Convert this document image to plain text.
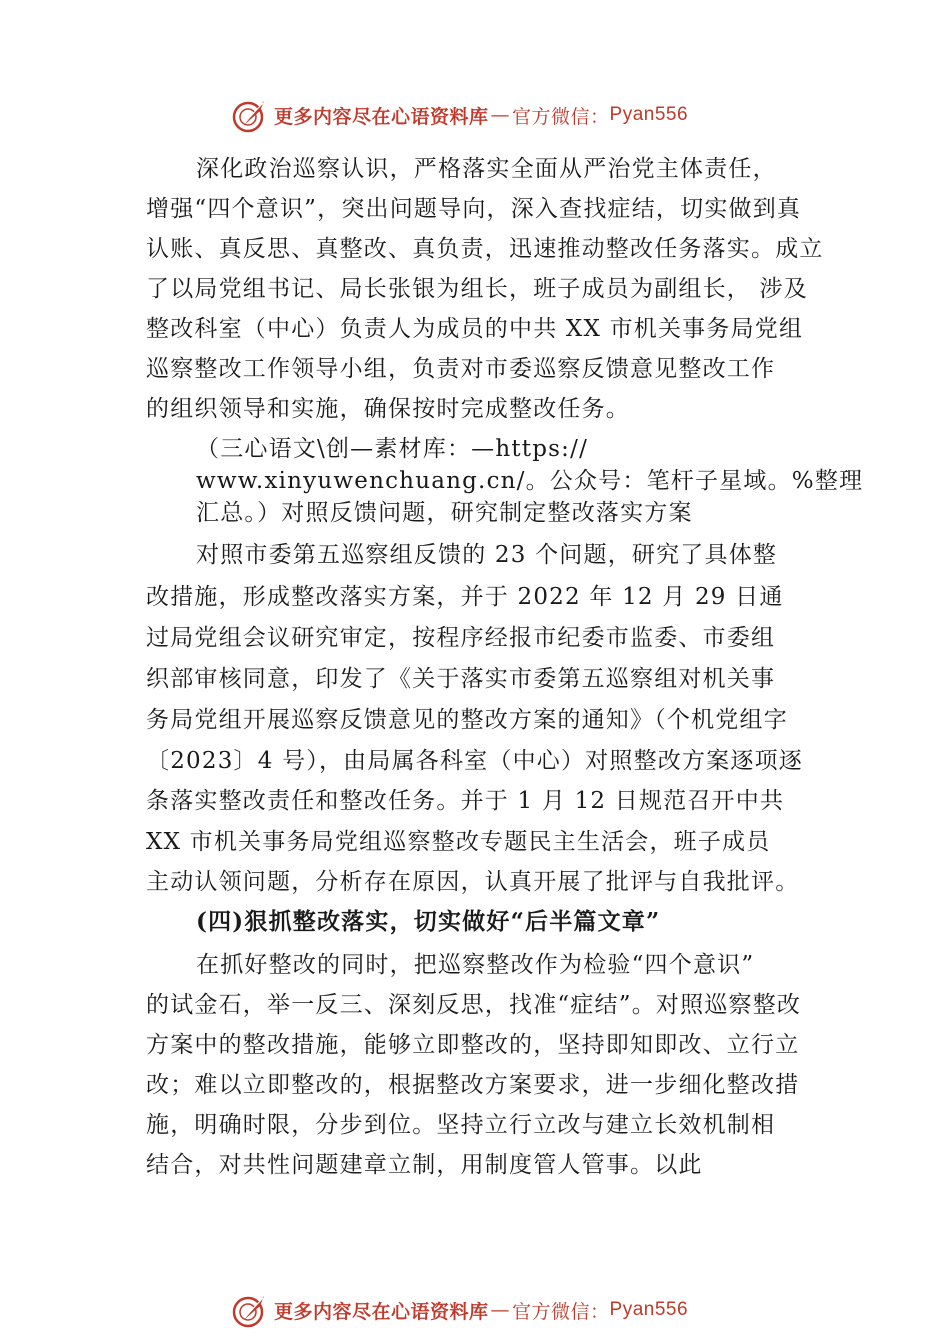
更多内容尽在心语资料库 — 官方微信： Pyan556
深化政治巡察认识，严格落实全面从严治党主体责任，
增强“四个意识”，突出问题导向，深入查找症结，切实做到真
认账、真反思、真整改、真负责，迅速推动整改任务落实。成立
了以局党组书记、局长张银为组长，班子成员为副组长， 涉及
整改科室（中心）负责人为成员的中共 XX 市机关事务局党组
巡察整改工作领导小组，负责对市委巡察反馈意见整改工作
的组织领导和实施，确保按时完成整改任务。
（三心语文\创—素材库：—https://
www.xinyuwenchuang.cn/。公众号：笔杆子星域。%整理
汇总。）对照反馈问题，研究制定整改落实方案
对照市委第五巡察组反馈的 23 个问题，研究了具体整
改措施，形成整改落实方案，并于 2022 年 12 月 29 日通
过局党组会议研究审定，按程序经报市纪委市监委、市委组
织部审核同意，印发了《关于落实市委第五巡察组对机关事
务局党组开展巡察反馈意见的整改方案的通知》（个机党组字
〔2023〕4 号），由局属各科室（中心）对照整改方案逐项逐
条落实整改责任和整改任务。并于 1 月 12 日规范召开中共
XX 市机关事务局党组巡察整改专题民主生活会，班子成员
主动认领问题，分析存在原因，认真开展了批评与自我批评。
(四)狠抓整改落实，切实做好“后半篇文章”
在抓好整改的同时，把巡察整改作为检验“四个意识”
的试金石，举一反三、深刻反思，找准“症结”。对照巡察整改
方案中的整改措施，能够立即整改的，坚持即知即改、立行立
改；难以立即整改的，根据整改方案要求，进一步细化整改措
施，明确时限，分步到位。坚持立行立改与建立长效机制相
结合，对共性问题建章立制，用制度管人管事。以此
更多内容尽在心语资料库 — 官方微信： Pyan556
